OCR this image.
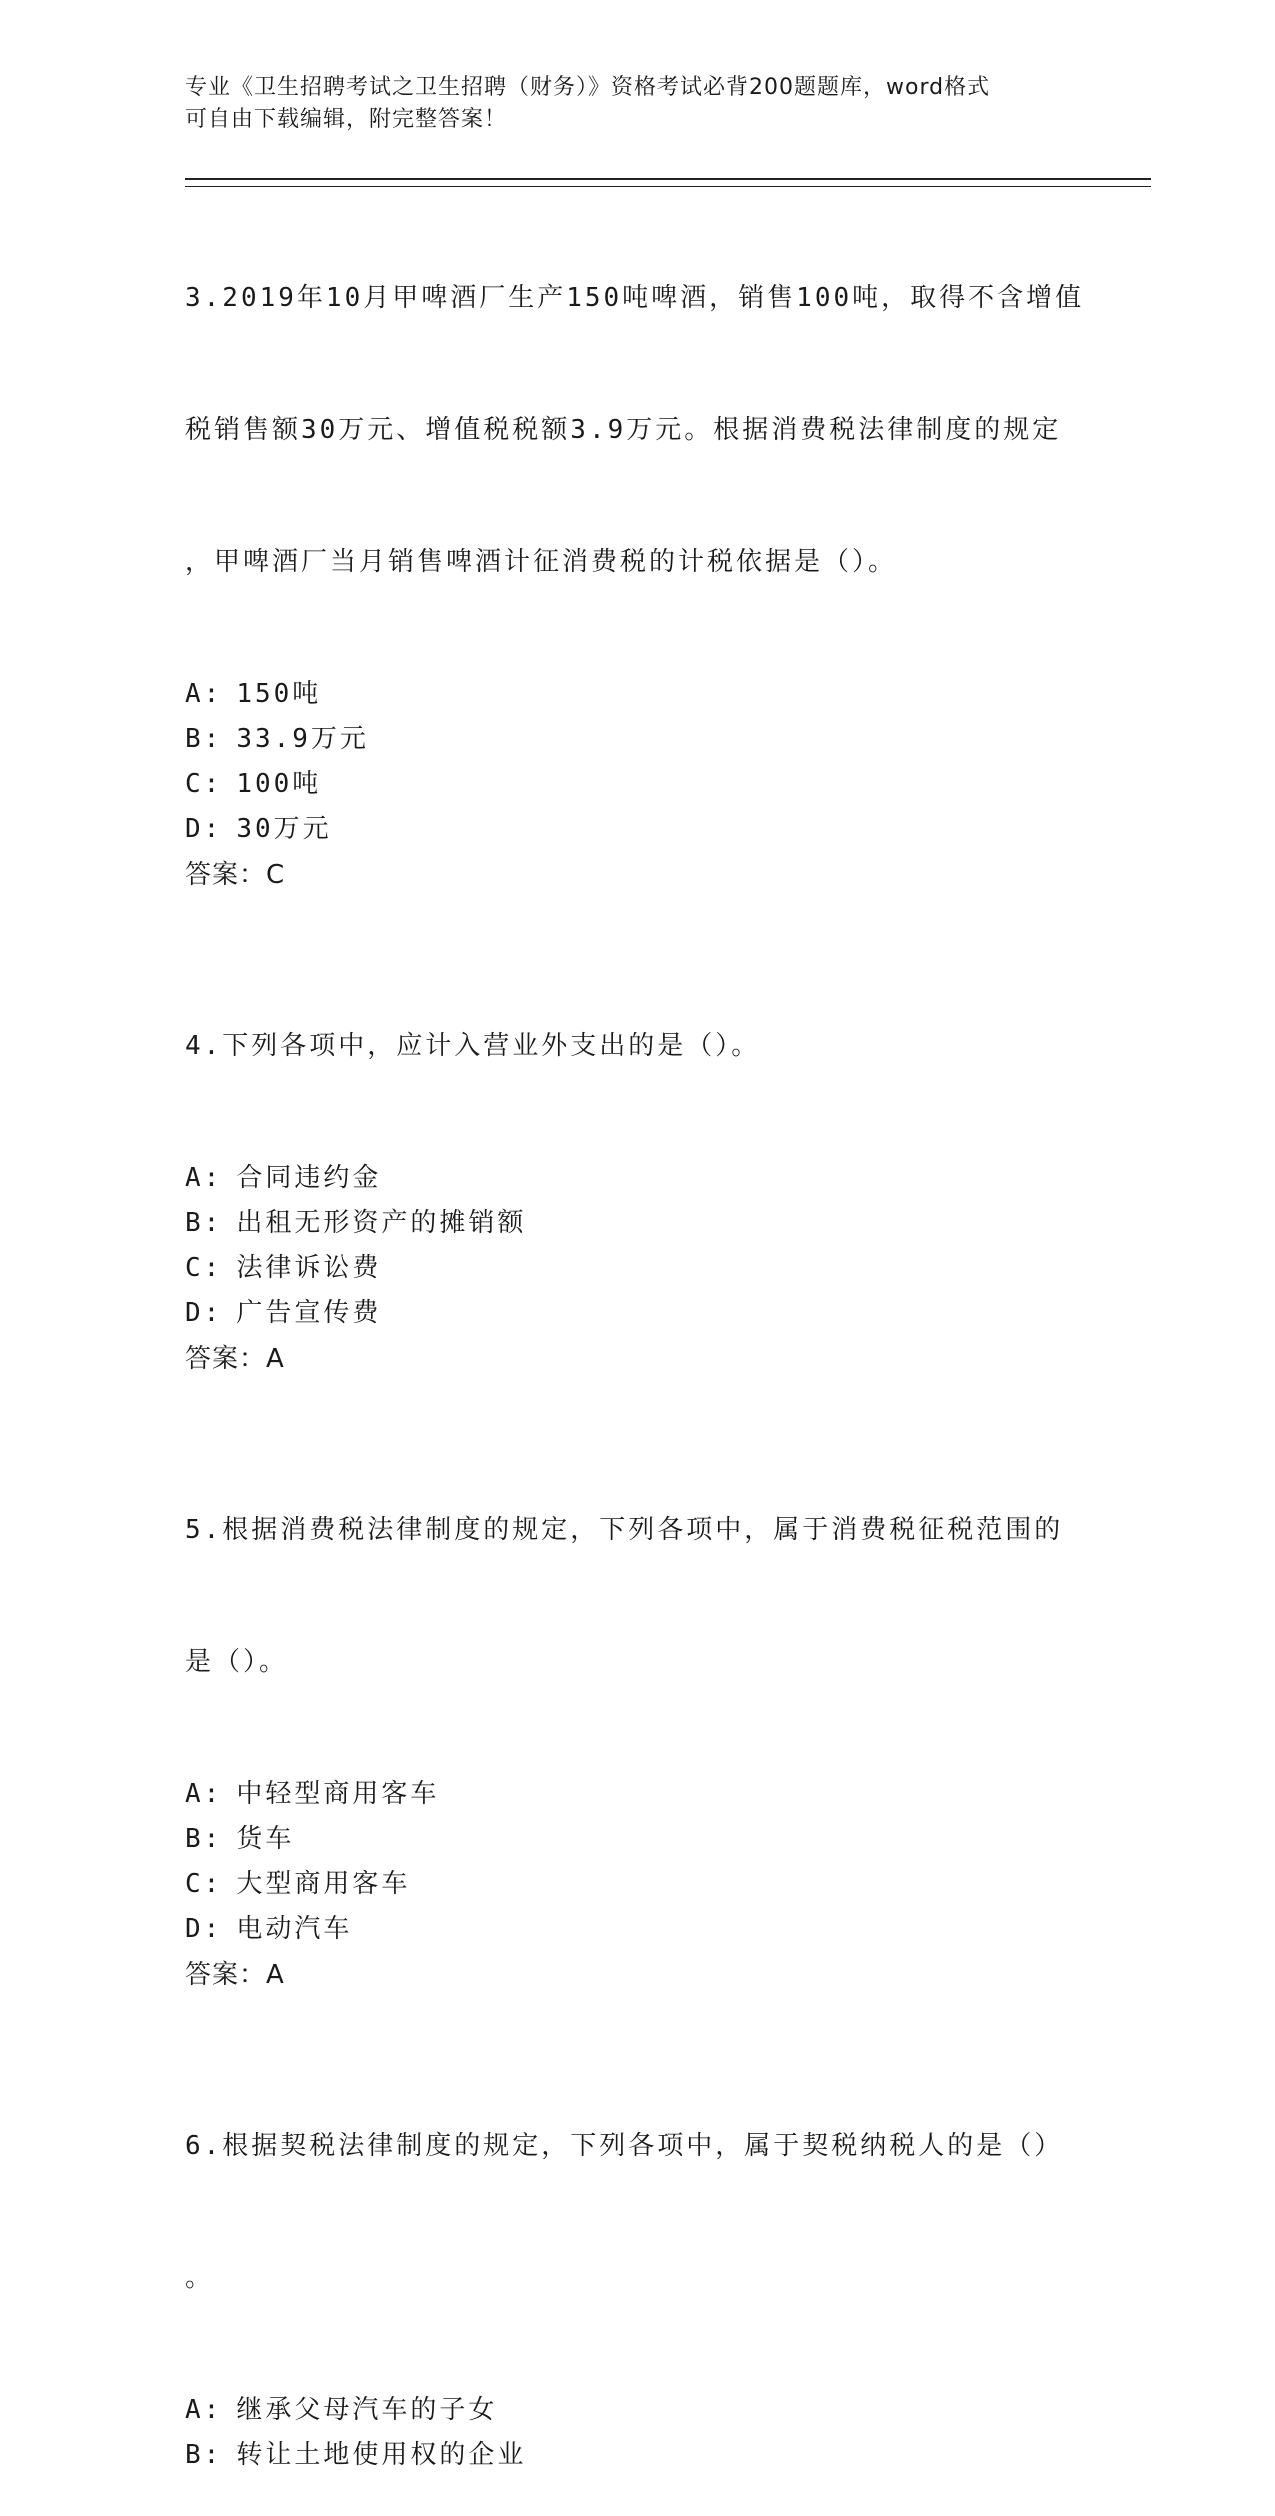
专业《卫生招聘考试之卫生招聘（财务）》资格考试必背200题题库，word格式
可自由下载编辑，附完整答案！

3.2019年10月甲啤酒厂生产150吨啤酒，销售100吨，取得不含增值

税销售额30万元、增值税税额3.9万元。根据消费税法律制度的规定

，甲啤酒厂当月销售啤酒计征消费税的计税依据是（）。

A: 150吨
B: 33.9万元
C: 100吨
D: 30万元
答案：C

4.下列各项中，应计入营业外支出的是（）。

A: 合同违约金
B: 出租无形资产的摊销额
C: 法律诉讼费
D: 广告宣传费
答案：A

5.根据消费税法律制度的规定，下列各项中，属于消费税征税范围的

是（）。

A: 中轻型商用客车
B: 货车
C: 大型商用客车
D: 电动汽车
答案：A

6.根据契税法律制度的规定，下列各项中，属于契税纳税人的是（）

。

A: 继承父母汽车的子女
B: 转让土地使用权的企业
